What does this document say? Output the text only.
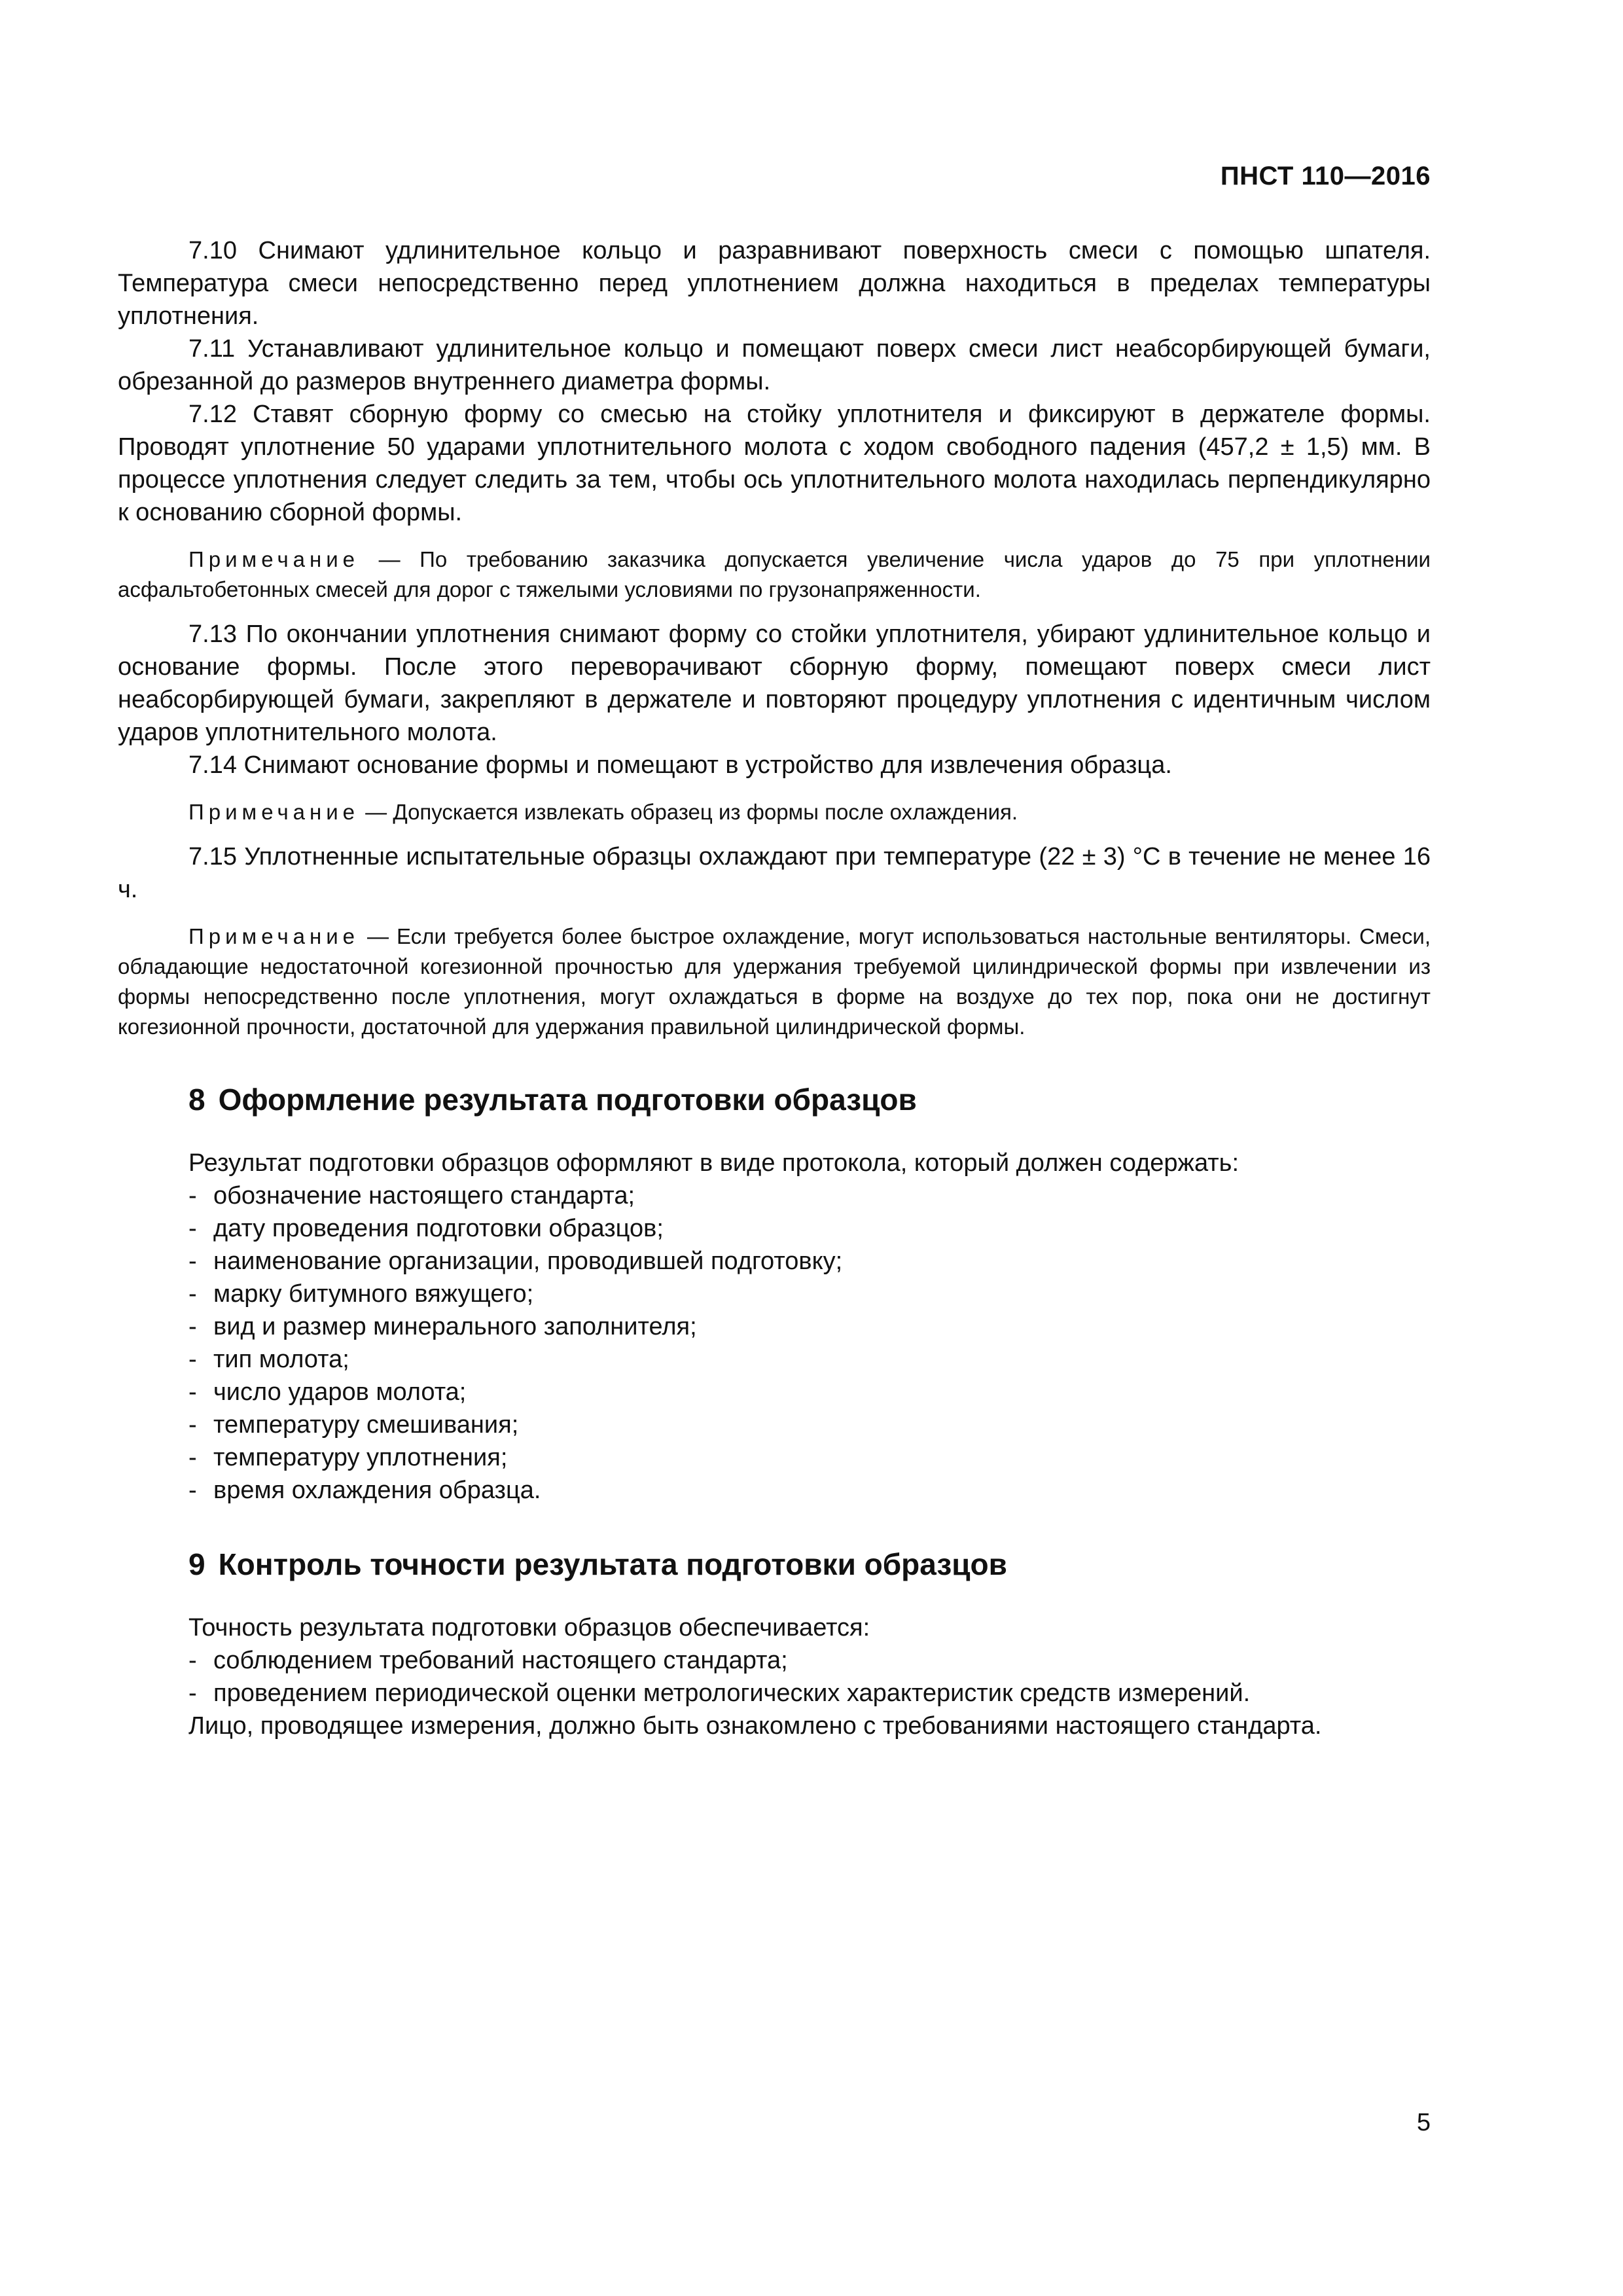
ПНСТ 110—2016

7.10 Снимают удлинительное кольцо и разравнивают поверхность смеси с помощью шпателя. Температура смеси непосредственно перед уплотнением должна находиться в пределах температуры уплотнения.

7.11 Устанавливают удлинительное кольцо и помещают поверх смеси лист неабсорбирующей бумаги, обрезанной до размеров внутреннего диаметра формы.

7.12 Ставят сборную форму со смесью на стойку уплотнителя и фиксируют в держателе формы. Проводят уплотнение 50 ударами уплотнительного молота с ходом свободного падения (457,2 ± 1,5) мм. В процессе уплотнения следует следить за тем, чтобы ось уплотнительного молота находилась перпендикулярно к основанию сборной формы.

Примечание — По требованию заказчика допускается увеличение числа ударов до 75 при уплотнении асфальтобетонных смесей для дорог с тяжелыми условиями по грузонапряженности.

7.13 По окончании уплотнения снимают форму со стойки уплотнителя, убирают удлинительное кольцо и основание формы. После этого переворачивают сборную форму, помещают поверх смеси лист неабсорбирующей бумаги, закрепляют в держателе и повторяют процедуру уплотнения с идентичным числом ударов уплотнительного молота.

7.14 Снимают основание формы и помещают в устройство для извлечения образца.

Примечание — Допускается извлекать образец из формы после охлаждения.

7.15 Уплотненные испытательные образцы охлаждают при температуре (22 ± 3) °С в течение не менее 16 ч.

Примечание — Если требуется более быстрое охлаждение, могут использоваться настольные вентиляторы. Смеси, обладающие недостаточной когезионной прочностью для удержания требуемой цилиндрической формы при извлечении из формы непосредственно после уплотнения, могут охлаждаться в форме на воздухе до тех пор, пока они не достигнут когезионной прочности, достаточной для удержания правильной цилиндрической формы.

8 Оформление результата подготовки образцов

Результат подготовки образцов оформляют в виде протокола, который должен содержать:

- обозначение настоящего стандарта;
- дату проведения подготовки образцов;
- наименование организации, проводившей подготовку;
- марку битумного вяжущего;
- вид и размер минерального заполнителя;
- тип молота;
- число ударов молота;
- температуру смешивания;
- температуру уплотнения;
- время охлаждения образца.
9 Контроль точности результата подготовки образцов

Точность результата подготовки образцов обеспечивается:

- соблюдением требований настоящего стандарта;
- проведением периодической оценки метрологических характеристик средств измерений.

Лицо, проводящее измерения, должно быть ознакомлено с требованиями настоящего стандарта.

5
